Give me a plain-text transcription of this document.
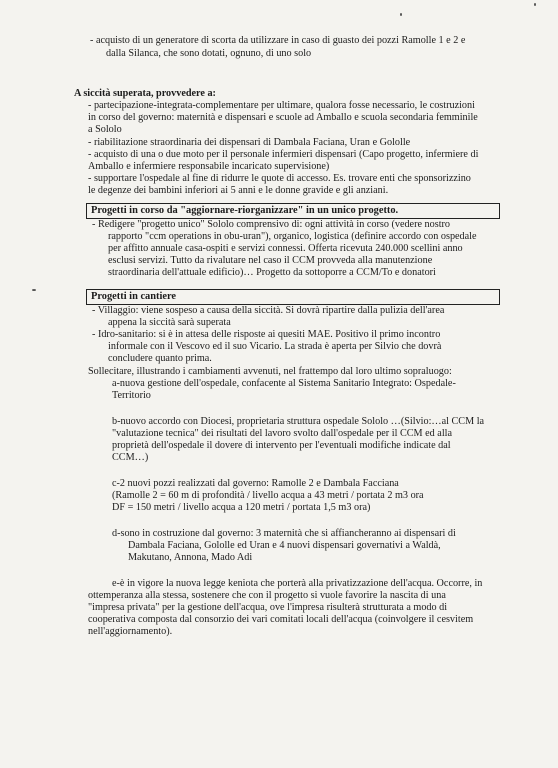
- acquisto di un generatore di scorta da utilizzare in caso di guasto dei pozzi Ramolle 1 e 2 e
dalla Silanca, che sono dotati, ognuno, di uno solo
A siccità superata, provvedere a:
- partecipazione-integrata-complementare per ultimare, qualora fosse necessario, le costruzioni
in corso del governo: maternità e dispensari e scuole ad Amballo e scuola secondaria femminile
a Sololo
- riabilitazione straordinaria dei dispensari di Dambala Faciana, Uran e Gololle
- acquisto di una o due moto per il personale infermieri dispensari (Capo progetto, infermiere di
Amballo e infermiere responsabile incaricato supervisione)
- supportare l'ospedale al fine di ridurre le quote di accesso. Es. trovare enti che sponsorizzino
le degenze dei bambini inferiori ai 5 anni e le donne gravide e gli anziani.
Progetti in corso da "aggiornare-riorganizzare" in un unico progetto.
- Redigere "progetto unico" Sololo comprensivo di: ogni attività in corso (vedere nostro
rapporto "ccm operations in obu-uran"), organico, logistica (definire accordo con ospedale
per affitto annuale casa-ospiti e servizi connessi. Offerta ricevuta 240.000 scellini anno
esclusi servizi. Tutto da rivalutare nel caso il CCM provveda alla manutenzione
straordinaria dell'attuale edificio)… Progetto da sottoporre a CCM/To e donatori
Progetti in cantiere
- Villaggio: viene sospeso a causa della siccità. Si dovrà ripartire dalla pulizia dell'area
appena la siccità sarà superata
- Idro-sanitario: si è in attesa delle risposte ai quesiti MAE. Positivo il primo incontro
informale con il Vescovo ed il suo Vicario. La strada è aperta per Silvio che dovrà
concludere quanto prima.
Sollecitare, illustrando i cambiamenti avvenuti, nel frattempo dal loro ultimo sopraluogo:
a-nuova gestione dell'ospedale, confacente al Sistema Sanitario Integrato: Ospedale-
Territorio
b-nuovo accordo con Diocesi, proprietaria struttura ospedale Sololo …(Silvio:…al CCM la
"valutazione tecnica" dei risultati del lavoro svolto dall'ospedale per il CCM ed alla
proprietà dell'ospedale il dovere di intervento per l'eventuali modifiche indicate dal
CCM…)
c-2 nuovi pozzi realizzati dal governo: Ramolle 2 e Dambala Facciana
(Ramolle 2 = 60 m di profondità / livello acqua a 43 metri / portata 2 m3 ora
DF = 150 metri / livello acqua a 120 metri / portata 1,5 m3 ora)
d-sono in costruzione dal governo: 3 maternità che si affiancheranno ai dispensari di
Dambala Faciana, Gololle ed Uran e 4 nuovi dispensari governativi a Waldà,
Makutano, Annona, Mado Adi
e-è in vigore la nuova legge keniota che porterà alla privatizzazione dell'acqua. Occorre, in
ottemperanza alla stessa, sostenere che con il progetto si vuole favorire la nascita di una
"impresa privata" per la gestione dell'acqua, ove l'impresa risulterà strutturata a modo di
cooperativa composta dal consorzio dei vari comitati locali dell'acqua (coinvolgere il cesvitem
nell'aggiornamento).
